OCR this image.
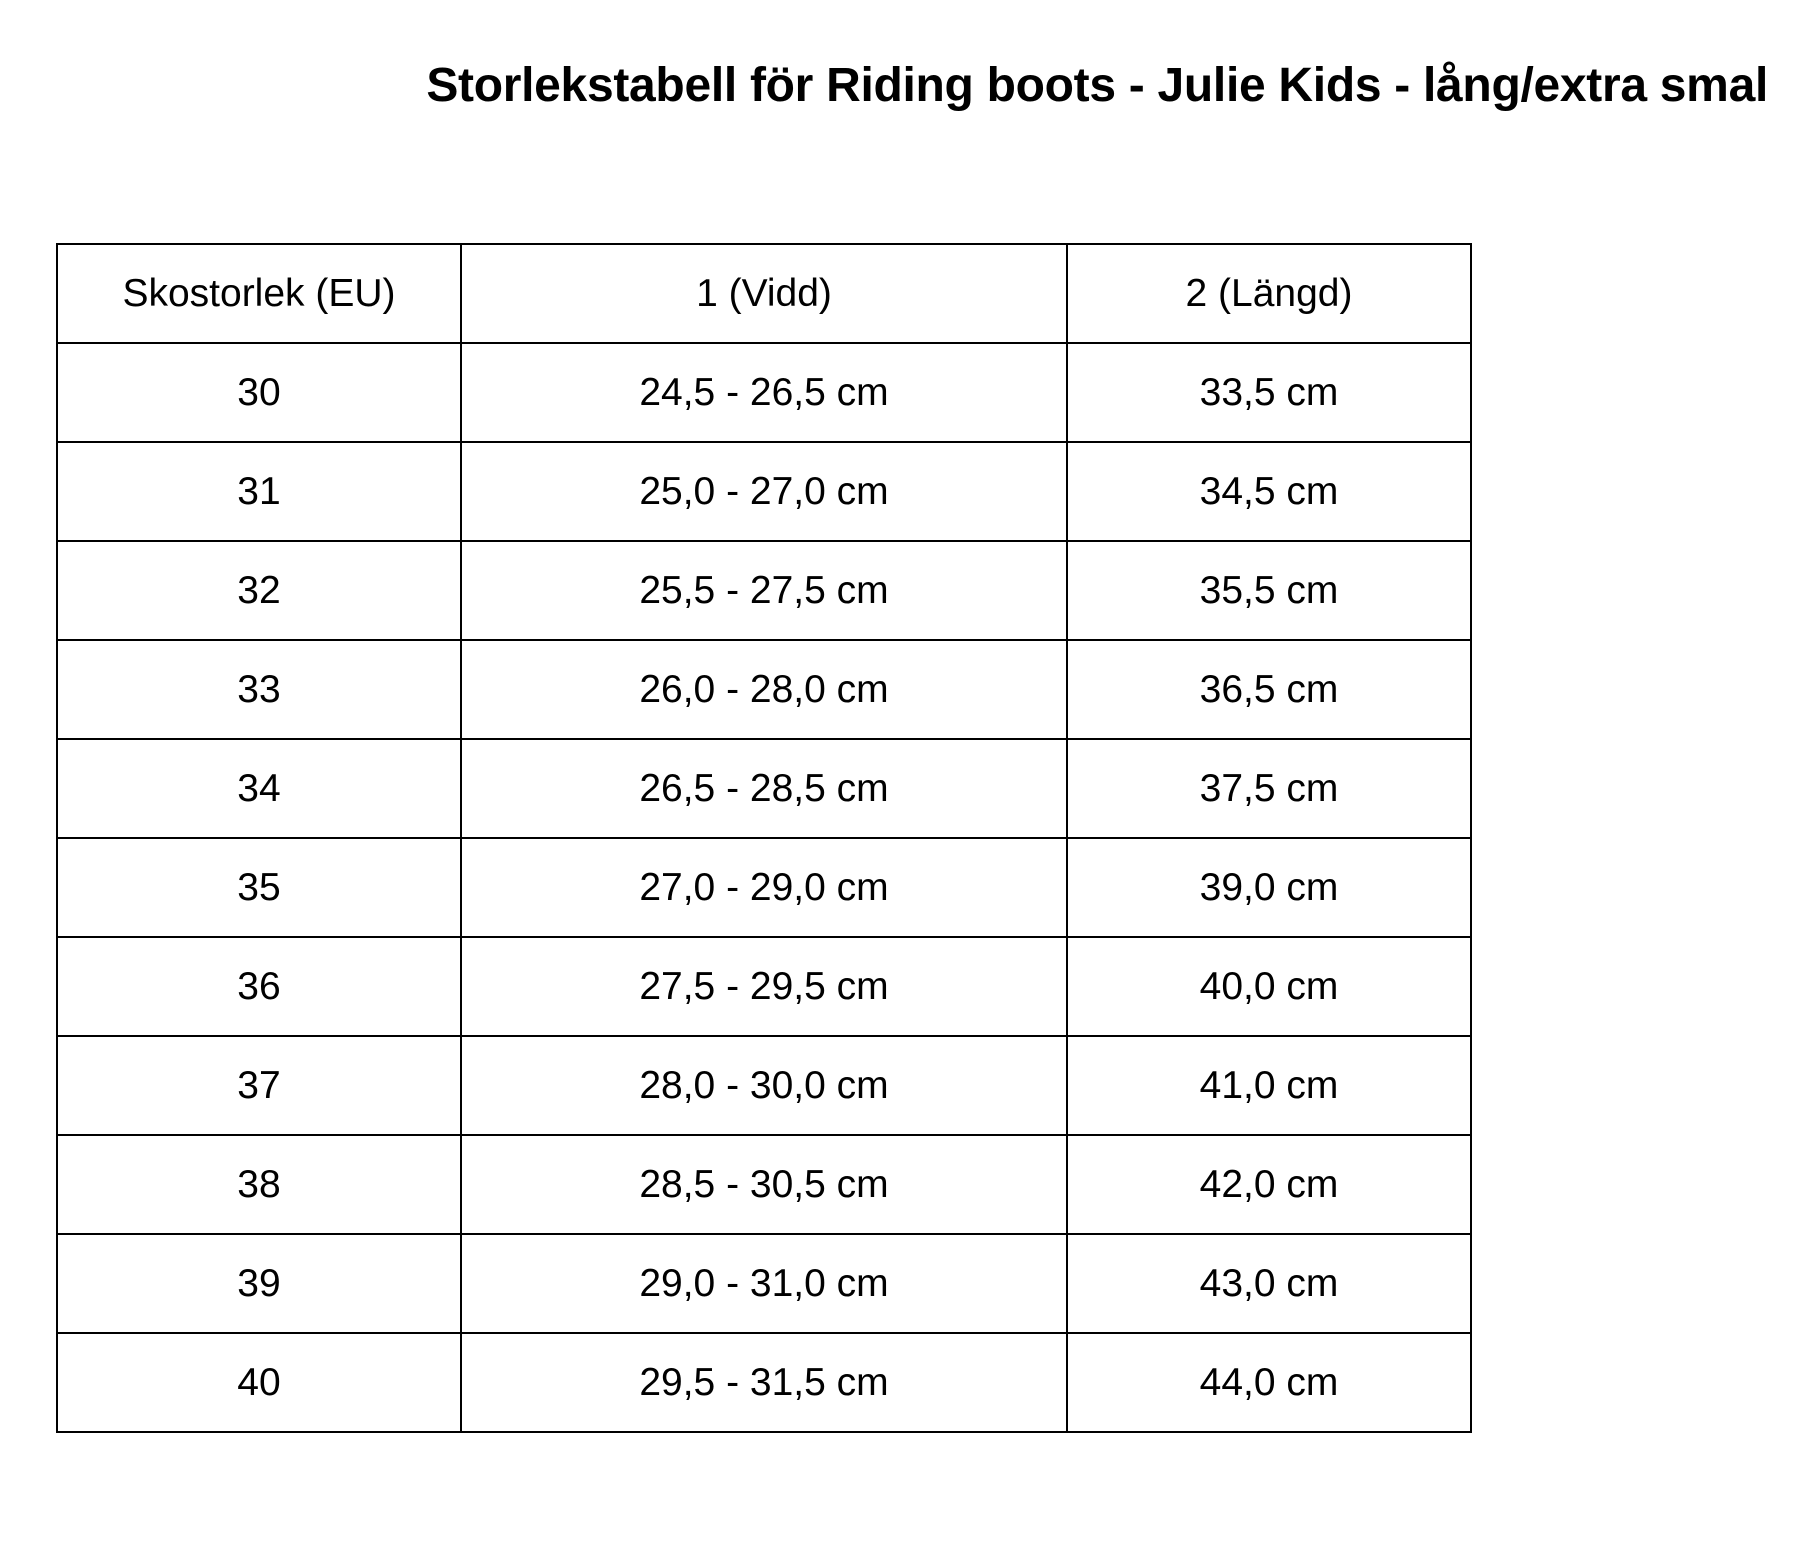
Storlekstabell för Riding boots - Julie Kids - lång/extra smal
Skostorlek (EU)	1 (Vidd)	2 (Längd)
30	24,5 - 26,5 cm	33,5 cm
31	25,0 - 27,0 cm	34,5 cm
32	25,5 - 27,5 cm	35,5 cm
33	26,0 - 28,0 cm	36,5 cm
34	26,5 - 28,5 cm	37,5 cm
35	27,0 - 29,0 cm	39,0 cm
36	27,5 - 29,5 cm	40,0 cm
37	28,0 - 30,0 cm	41,0 cm
38	28,5 - 30,5 cm	42,0 cm
39	29,0 - 31,0 cm	43,0 cm
40	29,5 - 31,5 cm	44,0 cm
